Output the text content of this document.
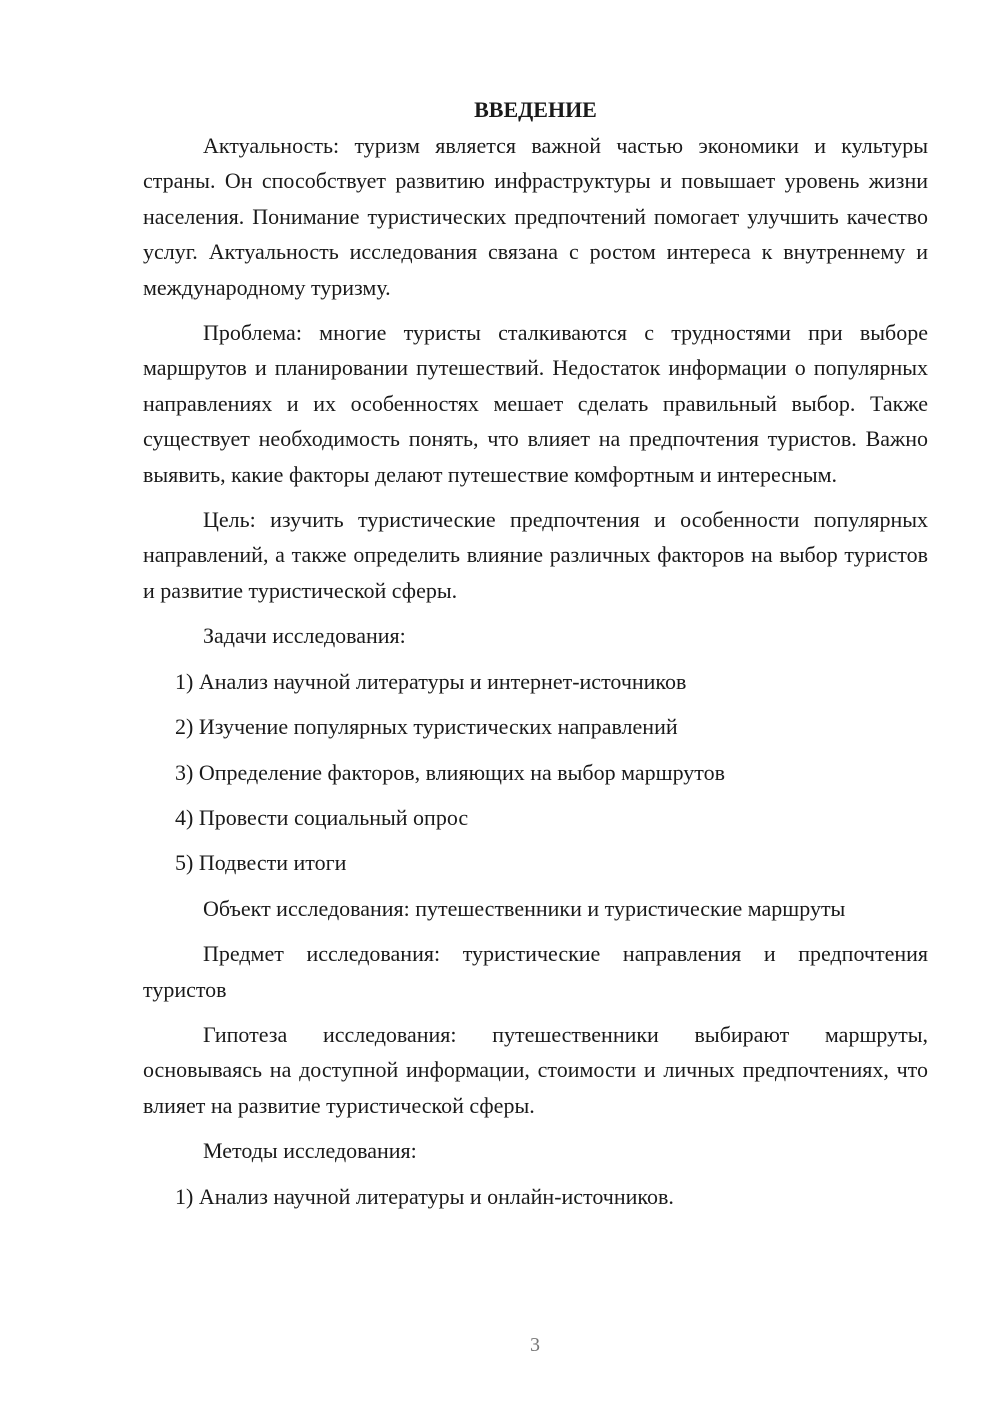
ВВЕДЕНИЕ

Актуальность: туризм является важной частью экономики и культуры страны. Он способствует развитию инфраструктуры и повышает уровень жизни населения. Понимание туристических предпочтений помогает улучшить качество услуг. Актуальность исследования связана с ростом интереса к внутреннему и международному туризму.

Проблема: многие туристы сталкиваются с трудностями при выборе маршрутов и планировании путешествий. Недостаток информации о популярных направлениях и их особенностях мешает сделать правильный выбор. Также существует необходимость понять, что влияет на предпочтения туристов. Важно выявить, какие факторы делают путешествие комфортным и интересным.

Цель: изучить туристические предпочтения и особенности популярных направлений, а также определить влияние различных факторов на выбор туристов и развитие туристической сферы.

Задачи исследования:

1) Анализ научной литературы и интернет-источников

2) Изучение популярных туристических направлений

3) Определение факторов, влияющих на выбор маршрутов

4) Провести социальный опрос

5) Подвести итоги

Объект исследования: путешественники и туристические маршруты

Предмет исследования: туристические направления и предпочтения туристов

Гипотеза исследования: путешественники выбирают маршруты, основываясь на доступной информации, стоимости и личных предпочтениях, что влияет на развитие туристической сферы.

Методы исследования:

1) Анализ научной литературы и онлайн-источников.

3
